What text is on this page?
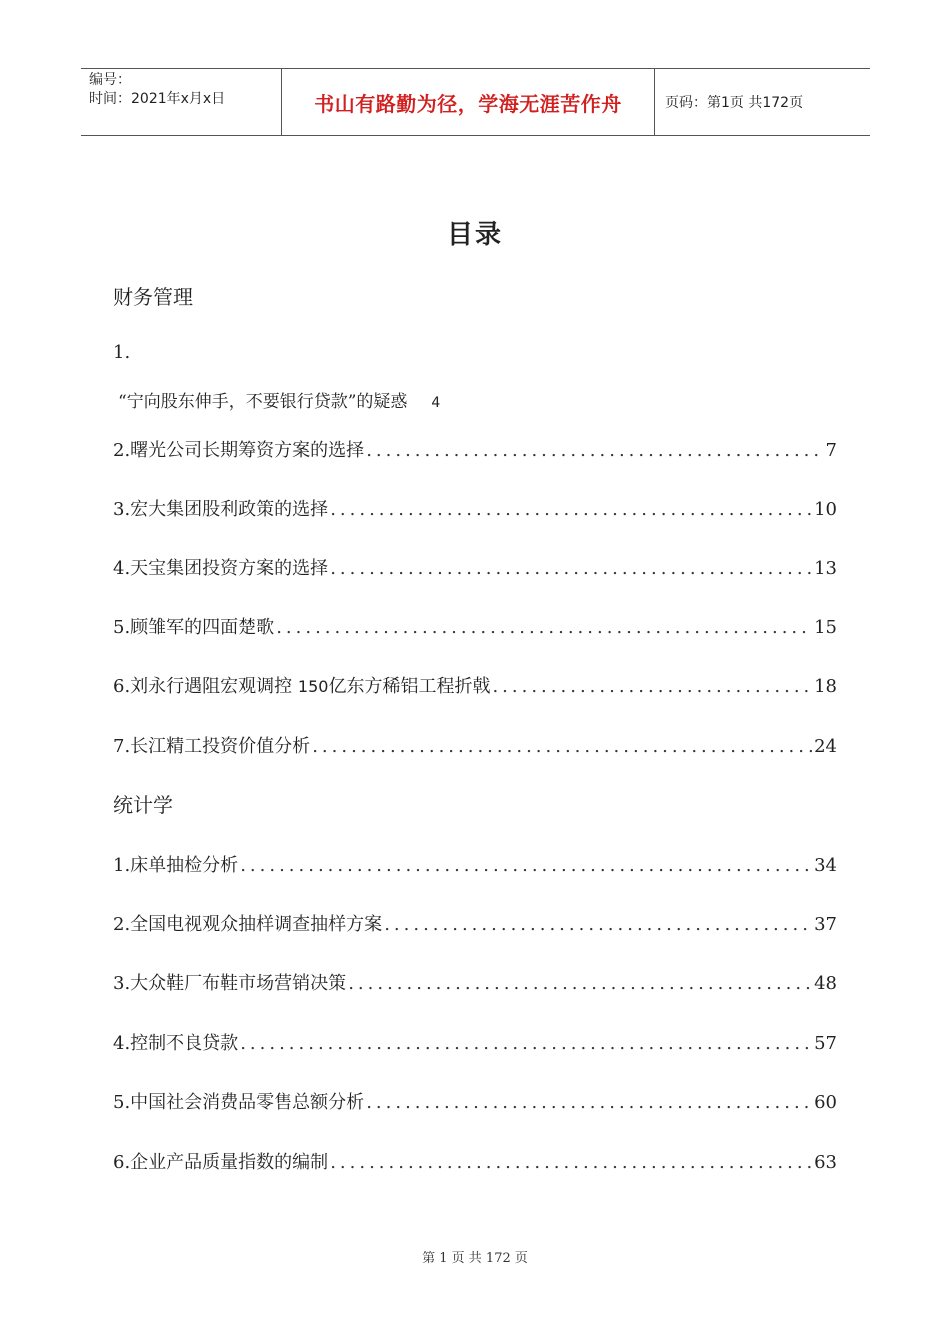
编号：
时间：2021年x月x日	书山有路勤为径，学海无涯苦作舟	页码：第1页 共172页
目录
财务管理
1.
“宁向股东伸手，不要银行贷款”的疑惑 4
2.曙光公司长期筹资方案的选择 .....	7
3.宏大集团股利政策的选择 .....	10
4.天宝集团投资方案的选择 .....	13
5.顾雏军的四面楚歌 .....	15
6.刘永行遇阻宏观调控 150亿东方稀铝工程折戟 .....	18
7.长江精工投资价值分析 .....	24
统计学
1.床单抽检分析 .....	34
2.全国电视观众抽样调查抽样方案 .....	37
3.大众鞋厂布鞋市场营销决策 .....	48
4.控制不良贷款 .....	57
5.中国社会消费品零售总额分析 .....	60
6.企业产品质量指数的编制 .....	63
第 1 页 共 172 页
